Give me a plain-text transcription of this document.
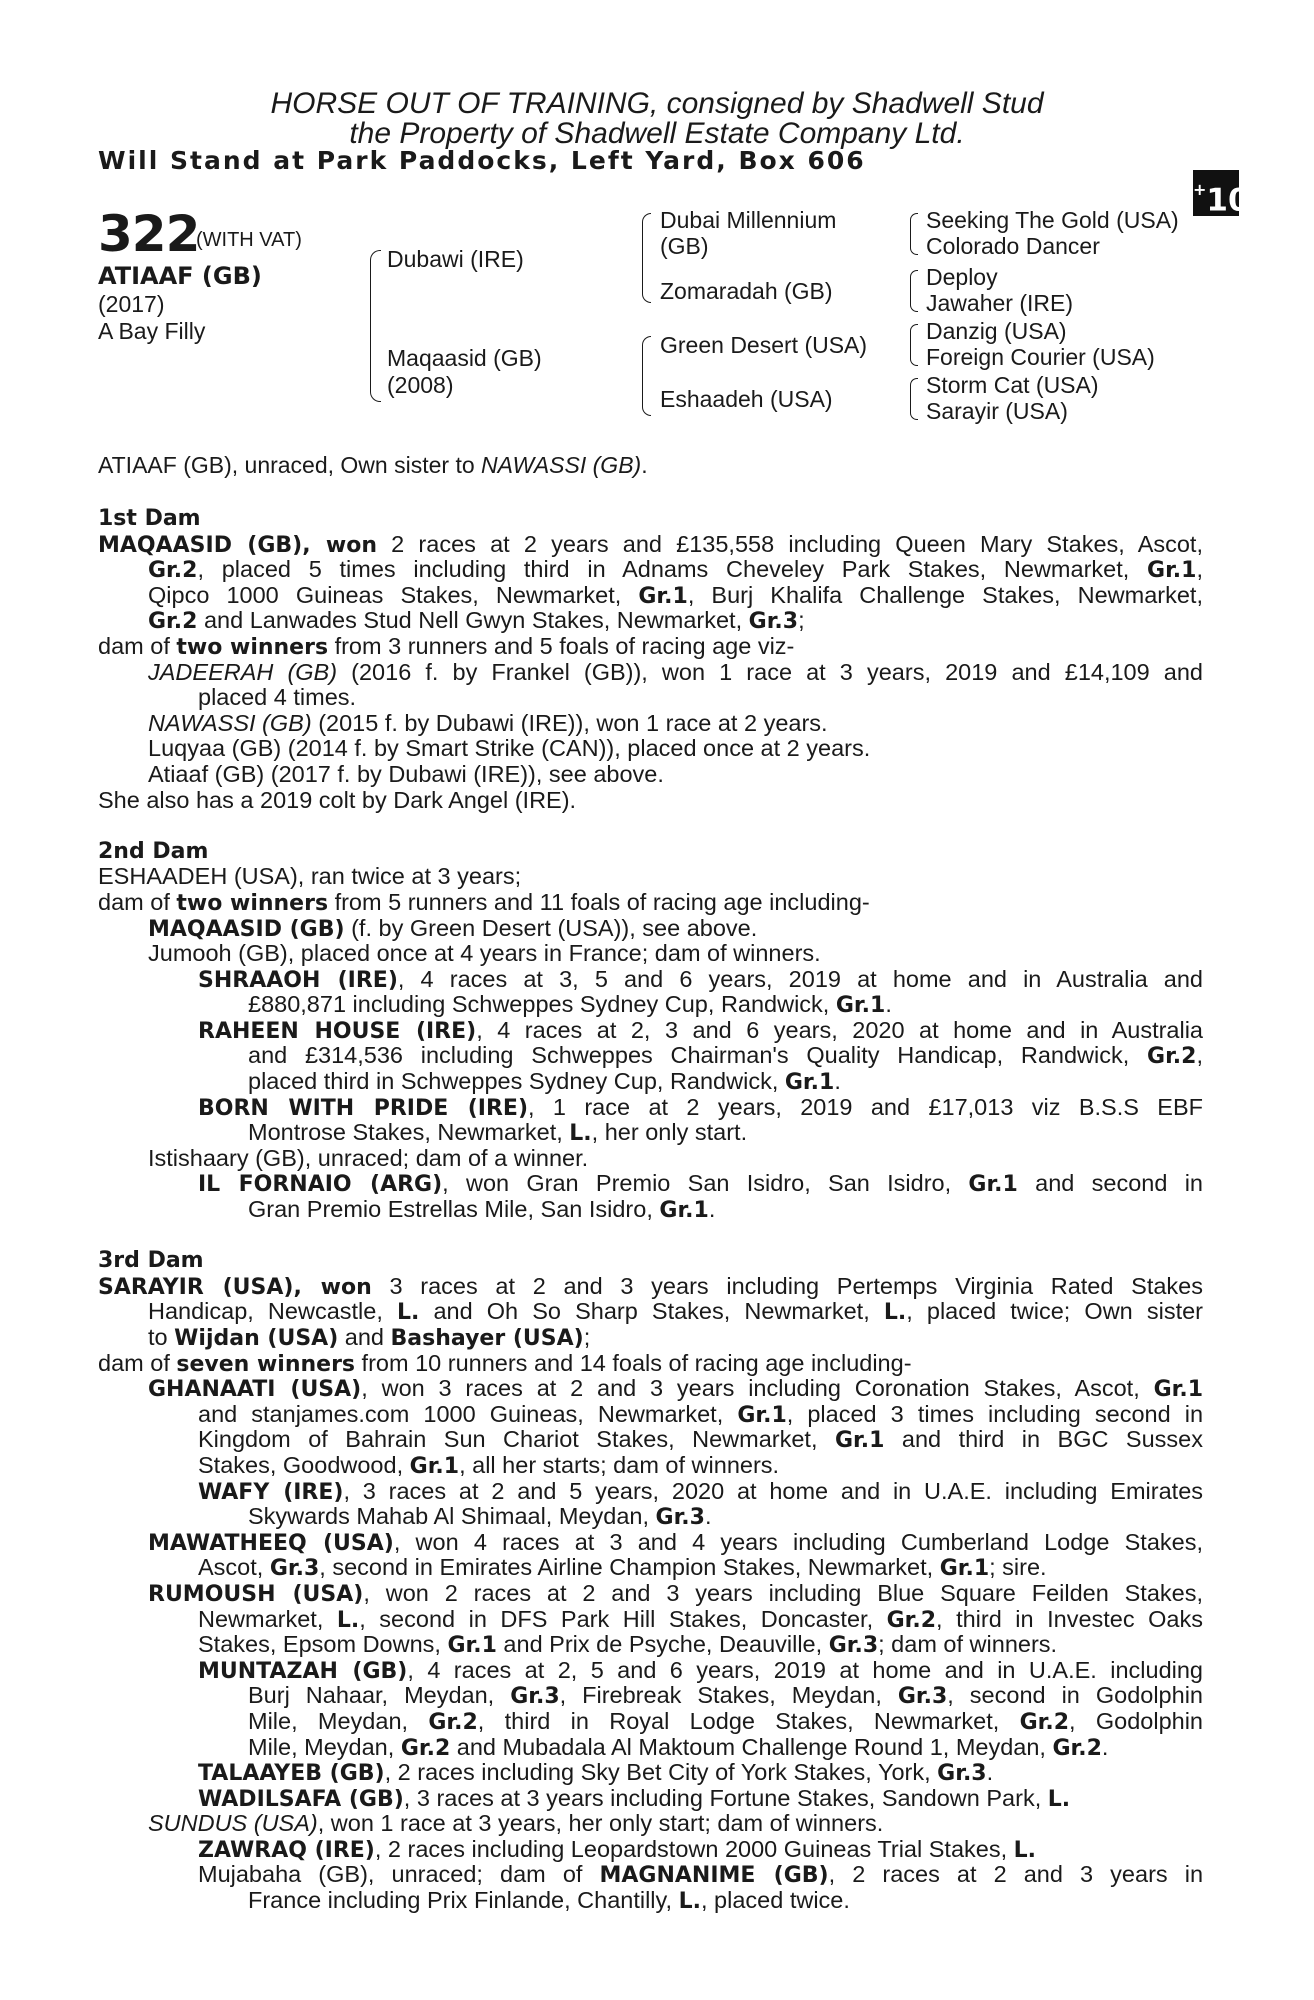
HORSE OUT OF TRAINING, consigned by Shadwell Stud
the Property of Shadwell Estate Company Ltd.
Will Stand at Park Paddocks, Left Yard, Box 606
+10
322
(WITH VAT)
ATIAAF (GB)
(2017)
A Bay Filly
Dubawi (IRE)
Maqaasid (GB)
(2008)
Dubai Millennium
(GB)
Zomaradah (GB)
Green Desert (USA)
Eshaadeh (USA)
Seeking The Gold (USA)
Colorado Dancer
Deploy
Jawaher (IRE)
Danzig (USA)
Foreign Courier (USA)
Storm Cat (USA)
Sarayir (USA)
ATIAAF (GB), unraced, Own sister to NAWASSI (GB).
1st Dam
MAQAASID (GB), won 2 races at 2 years and £135,558 including Queen Mary Stakes, Ascot,
Gr.2, placed 5 times including third in Adnams Cheveley Park Stakes, Newmarket, Gr.1,
Qipco 1000 Guineas Stakes, Newmarket, Gr.1, Burj Khalifa Challenge Stakes, Newmarket,
Gr.2 and Lanwades Stud Nell Gwyn Stakes, Newmarket, Gr.3;
dam of two winners from 3 runners and 5 foals of racing age viz-
JADEERAH (GB) (2016 f. by Frankel (GB)), won 1 race at 3 years, 2019 and £14,109 and
placed 4 times.
NAWASSI (GB) (2015 f. by Dubawi (IRE)), won 1 race at 2 years.
Luqyaa (GB) (2014 f. by Smart Strike (CAN)), placed once at 2 years.
Atiaaf (GB) (2017 f. by Dubawi (IRE)), see above.
She also has a 2019 colt by Dark Angel (IRE).
2nd Dam
ESHAADEH (USA), ran twice at 3 years;
dam of two winners from 5 runners and 11 foals of racing age including-
MAQAASID (GB) (f. by Green Desert (USA)), see above.
Jumooh (GB), placed once at 4 years in France; dam of winners.
SHRAAOH (IRE), 4 races at 3, 5 and 6 years, 2019 at home and in Australia and
£880,871 including Schweppes Sydney Cup, Randwick, Gr.1.
RAHEEN HOUSE (IRE), 4 races at 2, 3 and 6 years, 2020 at home and in Australia
and £314,536 including Schweppes Chairman's Quality Handicap, Randwick, Gr.2,
placed third in Schweppes Sydney Cup, Randwick, Gr.1.
BORN WITH PRIDE (IRE), 1 race at 2 years, 2019 and £17,013 viz B.S.S EBF
Montrose Stakes, Newmarket, L., her only start.
Istishaary (GB), unraced; dam of a winner.
IL FORNAIO (ARG), won Gran Premio San Isidro, San Isidro, Gr.1 and second in
Gran Premio Estrellas Mile, San Isidro, Gr.1.
3rd Dam
SARAYIR (USA), won 3 races at 2 and 3 years including Pertemps Virginia Rated Stakes
Handicap, Newcastle, L. and Oh So Sharp Stakes, Newmarket, L., placed twice; Own sister
to Wijdan (USA) and Bashayer (USA);
dam of seven winners from 10 runners and 14 foals of racing age including-
GHANAATI (USA), won 3 races at 2 and 3 years including Coronation Stakes, Ascot, Gr.1
and stanjames.com 1000 Guineas, Newmarket, Gr.1, placed 3 times including second in
Kingdom of Bahrain Sun Chariot Stakes, Newmarket, Gr.1 and third in BGC Sussex
Stakes, Goodwood, Gr.1, all her starts; dam of winners.
WAFY (IRE), 3 races at 2 and 5 years, 2020 at home and in U.A.E. including Emirates
Skywards Mahab Al Shimaal, Meydan, Gr.3.
MAWATHEEQ (USA), won 4 races at 3 and 4 years including Cumberland Lodge Stakes,
Ascot, Gr.3, second in Emirates Airline Champion Stakes, Newmarket, Gr.1; sire.
RUMOUSH (USA), won 2 races at 2 and 3 years including Blue Square Feilden Stakes,
Newmarket, L., second in DFS Park Hill Stakes, Doncaster, Gr.2, third in Investec Oaks
Stakes, Epsom Downs, Gr.1 and Prix de Psyche, Deauville, Gr.3; dam of winners.
MUNTAZAH (GB), 4 races at 2, 5 and 6 years, 2019 at home and in U.A.E. including
Burj Nahaar, Meydan, Gr.3, Firebreak Stakes, Meydan, Gr.3, second in Godolphin
Mile, Meydan, Gr.2, third in Royal Lodge Stakes, Newmarket, Gr.2, Godolphin
Mile, Meydan, Gr.2 and Mubadala Al Maktoum Challenge Round 1, Meydan, Gr.2.
TALAAYEB (GB), 2 races including Sky Bet City of York Stakes, York, Gr.3.
WADILSAFA (GB), 3 races at 3 years including Fortune Stakes, Sandown Park, L.
SUNDUS (USA), won 1 race at 3 years, her only start; dam of winners.
ZAWRAQ (IRE), 2 races including Leopardstown 2000 Guineas Trial Stakes, L.
Mujabaha (GB), unraced; dam of MAGNANIME (GB), 2 races at 2 and 3 years in
France including Prix Finlande, Chantilly, L., placed twice.
